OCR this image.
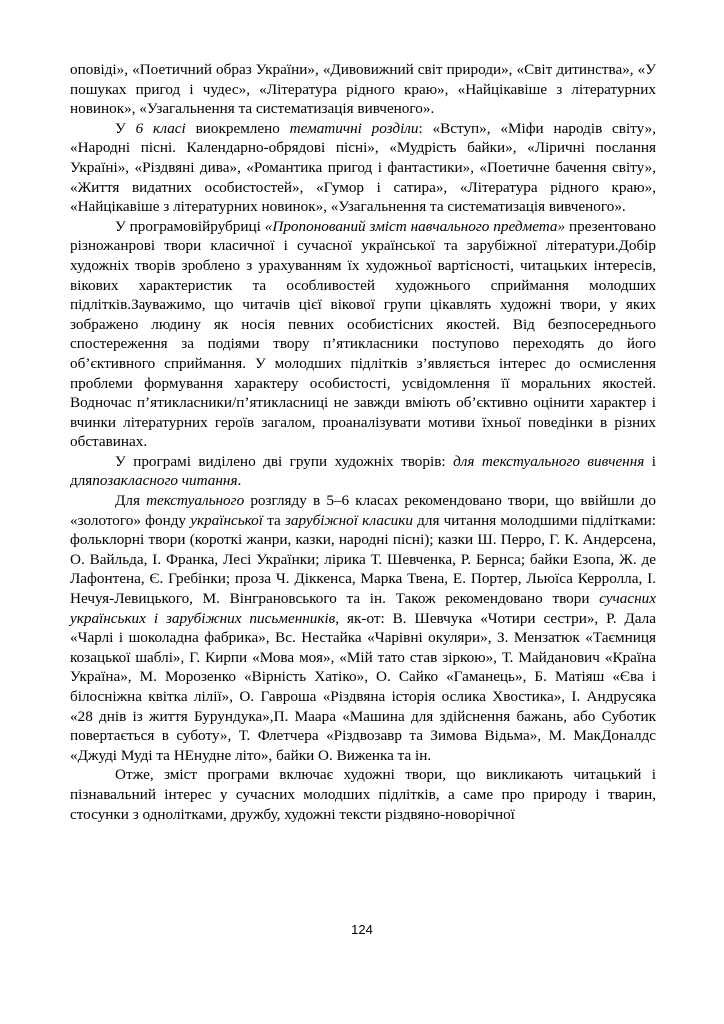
оповіді», «Поетичний образ України», «Дивовижний світ природи», «Світ дитинства», «У пошуках пригод і чудес», «Література рідного краю», «Найцікавіше з літературних новинок», «Узагальнення та систематизація вивченого».

У 6 класі виокремлено тематичні розділи: «Вступ», «Міфи народів світу», «Народні пісні. Календарно-обрядові пісні», «Мудрість байки», «Ліричні послання Україні», «Різдвяні дива», «Романтика пригод і фантастики», «Поетичне бачення світу», «Життя видатних особистостей», «Гумор і сатира», «Література рідного краю», «Найцікавіше з літературних новинок», «Узагальнення та систематизація вивченого».

У програмовійрубриці «Пропонований зміст навчального предмета» презентовано різножанрові твори класичної і сучасної української та зарубіжної літератури.Добір художніх творів зроблено з урахуванням їх художньої вартісності, читацьких інтересів, вікових характеристик та особливостей художнього сприймання молодших підлітків.Зауважимо, що читачів цієї вікової групи цікавлять художні твори, у яких зображено людину як носія певних особистісних якостей. Від безпосереднього спостереження за подіями твору п’ятикласники поступово переходять до його об’єктивного сприймання. У молодших підлітків з’являється інтерес до осмислення проблеми формування характеру особистості, усвідомлення її моральних якостей. Водночас п’ятикласники/п’ятикласниці не завжди вміють об’єктивно оцінити характер і вчинки літературних героїв загалом, проаналізувати мотиви їхньої поведінки в різних обставинах.

У програмі виділено дві групи художніх творів: для текстуального вивчення і дляпозакласного читання.

Для текстуального розгляду в 5–6 класах рекомендовано твори, що ввійшли до «золотого» фонду української та зарубіжної класики для читання молодшими підлітками: фольклорні твори (короткі жанри, казки, народні пісні); казки Ш. Перро, Г. К. Андерсена, О. Вайльда, І. Франка, Лесі Українки; лірика Т. Шевченка, Р. Бернса; байки Езопа, Ж. де Лафонтена, Є. Гребінки; проза Ч. Діккенса, Марка Твена, Е. Портер, Льюїса Керролла, І. Нечуя-Левицького, М. Вінграновського та ін. Також рекомендовано твори сучасних українських і зарубіжних письменників, як-от: В. Шевчука «Чотири сестри», Р. Дала «Чарлі і шоколадна фабрика», Вс. Нестайка «Чарівні окуляри», З. Мензатюк «Таємниця козацької шаблі», Г. Кирпи «Мова моя», «Мій тато став зіркою», Т. Майданович «Країна Україна», М. Морозенко «Вірність Хатіко», О. Сайко «Гаманець», Б. Матіяш «Єва і білосніжна квітка лілії», О. Гавроша «Різдвяна історія ослика Хвостика», І. Андрусяка «28 днів із життя Бурундука»,П. Маара «Машина для здійснення бажань, або Суботик повертається в суботу», Т. Флетчера «Різдвозавр та Зимова Відьма», М. МакДоналдс «Джуді Муді та НЕнудне літо», байки О. Виженка та ін.

Отже, зміст програми включає художні твори, що викликають читацький і пізнавальний інтерес у сучасних молодших підлітків, а саме про природу і тварин, стосунки з однолітками, дружбу, художні тексти різдвяно-новорічної

124
